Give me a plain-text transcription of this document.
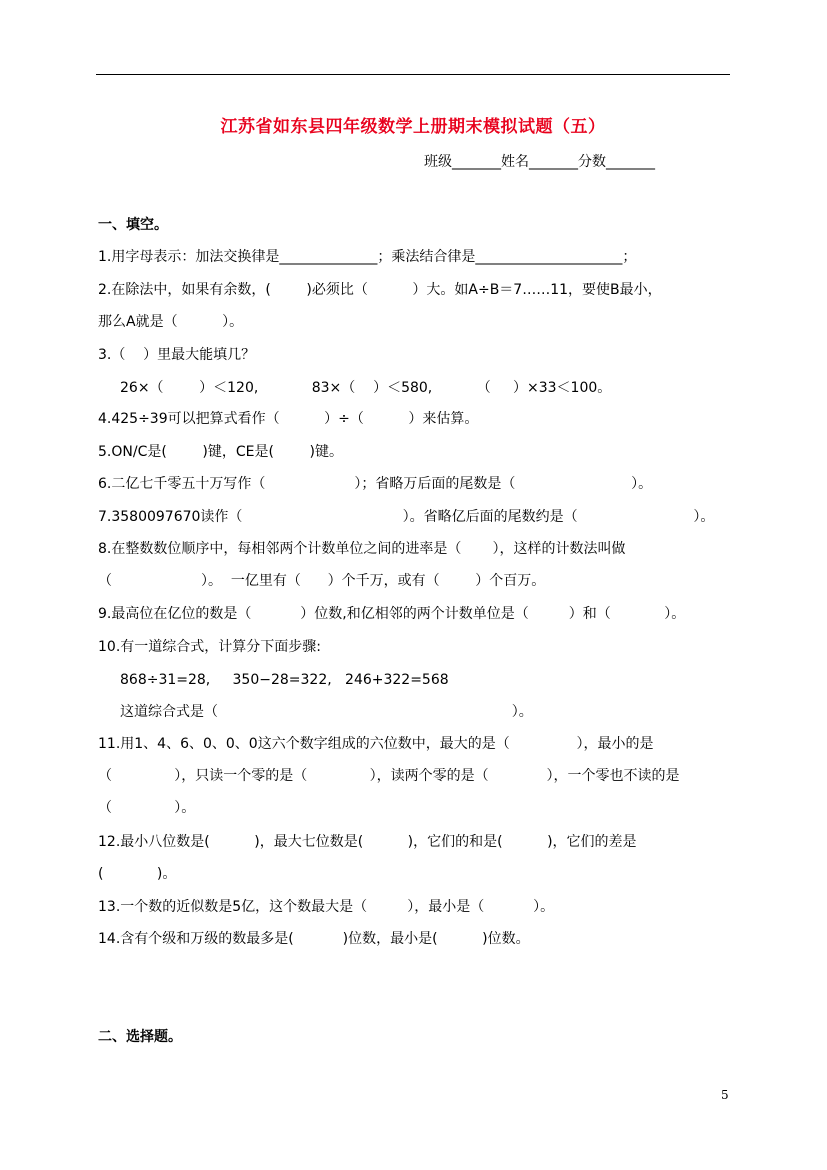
江苏省如东县四年级数学上册期末模拟试题（五）
班级_______姓名_______分数_______
一、填空。
1.用字母表示：加法交换律是______________；乘法结合律是_____________________；
2.在除法中，如果有余数，(        )必须比（          ）大。如A÷B＝7……11，要使B最小，
那么A就是（          ）。
3.（    ）里最大能填几？
26×（        ）＜120,            83×（    ）＜580,          （     ）×33＜100。
4.425÷39可以把算式看作（          ）÷（          ）来估算。
5.ON/C是(        )键，CE是(        )键。
6.二亿七千零五十万写作（                    ）；省略万后面的尾数是（                          ）。
7.3580097670读作（                                    ）。省略亿后面的尾数约是（                          ）。
8.在整数数位顺序中，每相邻两个计数单位之间的进率是（       ），这样的计数法叫做
（                    ）。  一亿里有（      ）个千万，或有（        ）个百万。
9.最高位在亿位的数是（           ）位数,和亿相邻的两个计数单位是（         ）和（            ）。
10.有一道综合式，计算分下面步骤:
868÷31=28,     350−28=322,   246+322=568
这道综合式是（                                                                  ）。
11.用1、4、6、0、0、0这六个数字组成的六位数中，最大的是（               ），最小的是
（              ），只读一个零的是（              ），读两个零的是（             ），一个零也不读的是
（              ）。
12.最小八位数是(          )，最大七位数是(          )，它们的和是(          )，它们的差是
(            )。
13.一个数的近似数是5亿，这个数最大是（         ），最小是（           ）。
14.含有个级和万级的数最多是(           )位数，最小是(          )位数。
二、选择题。
5
